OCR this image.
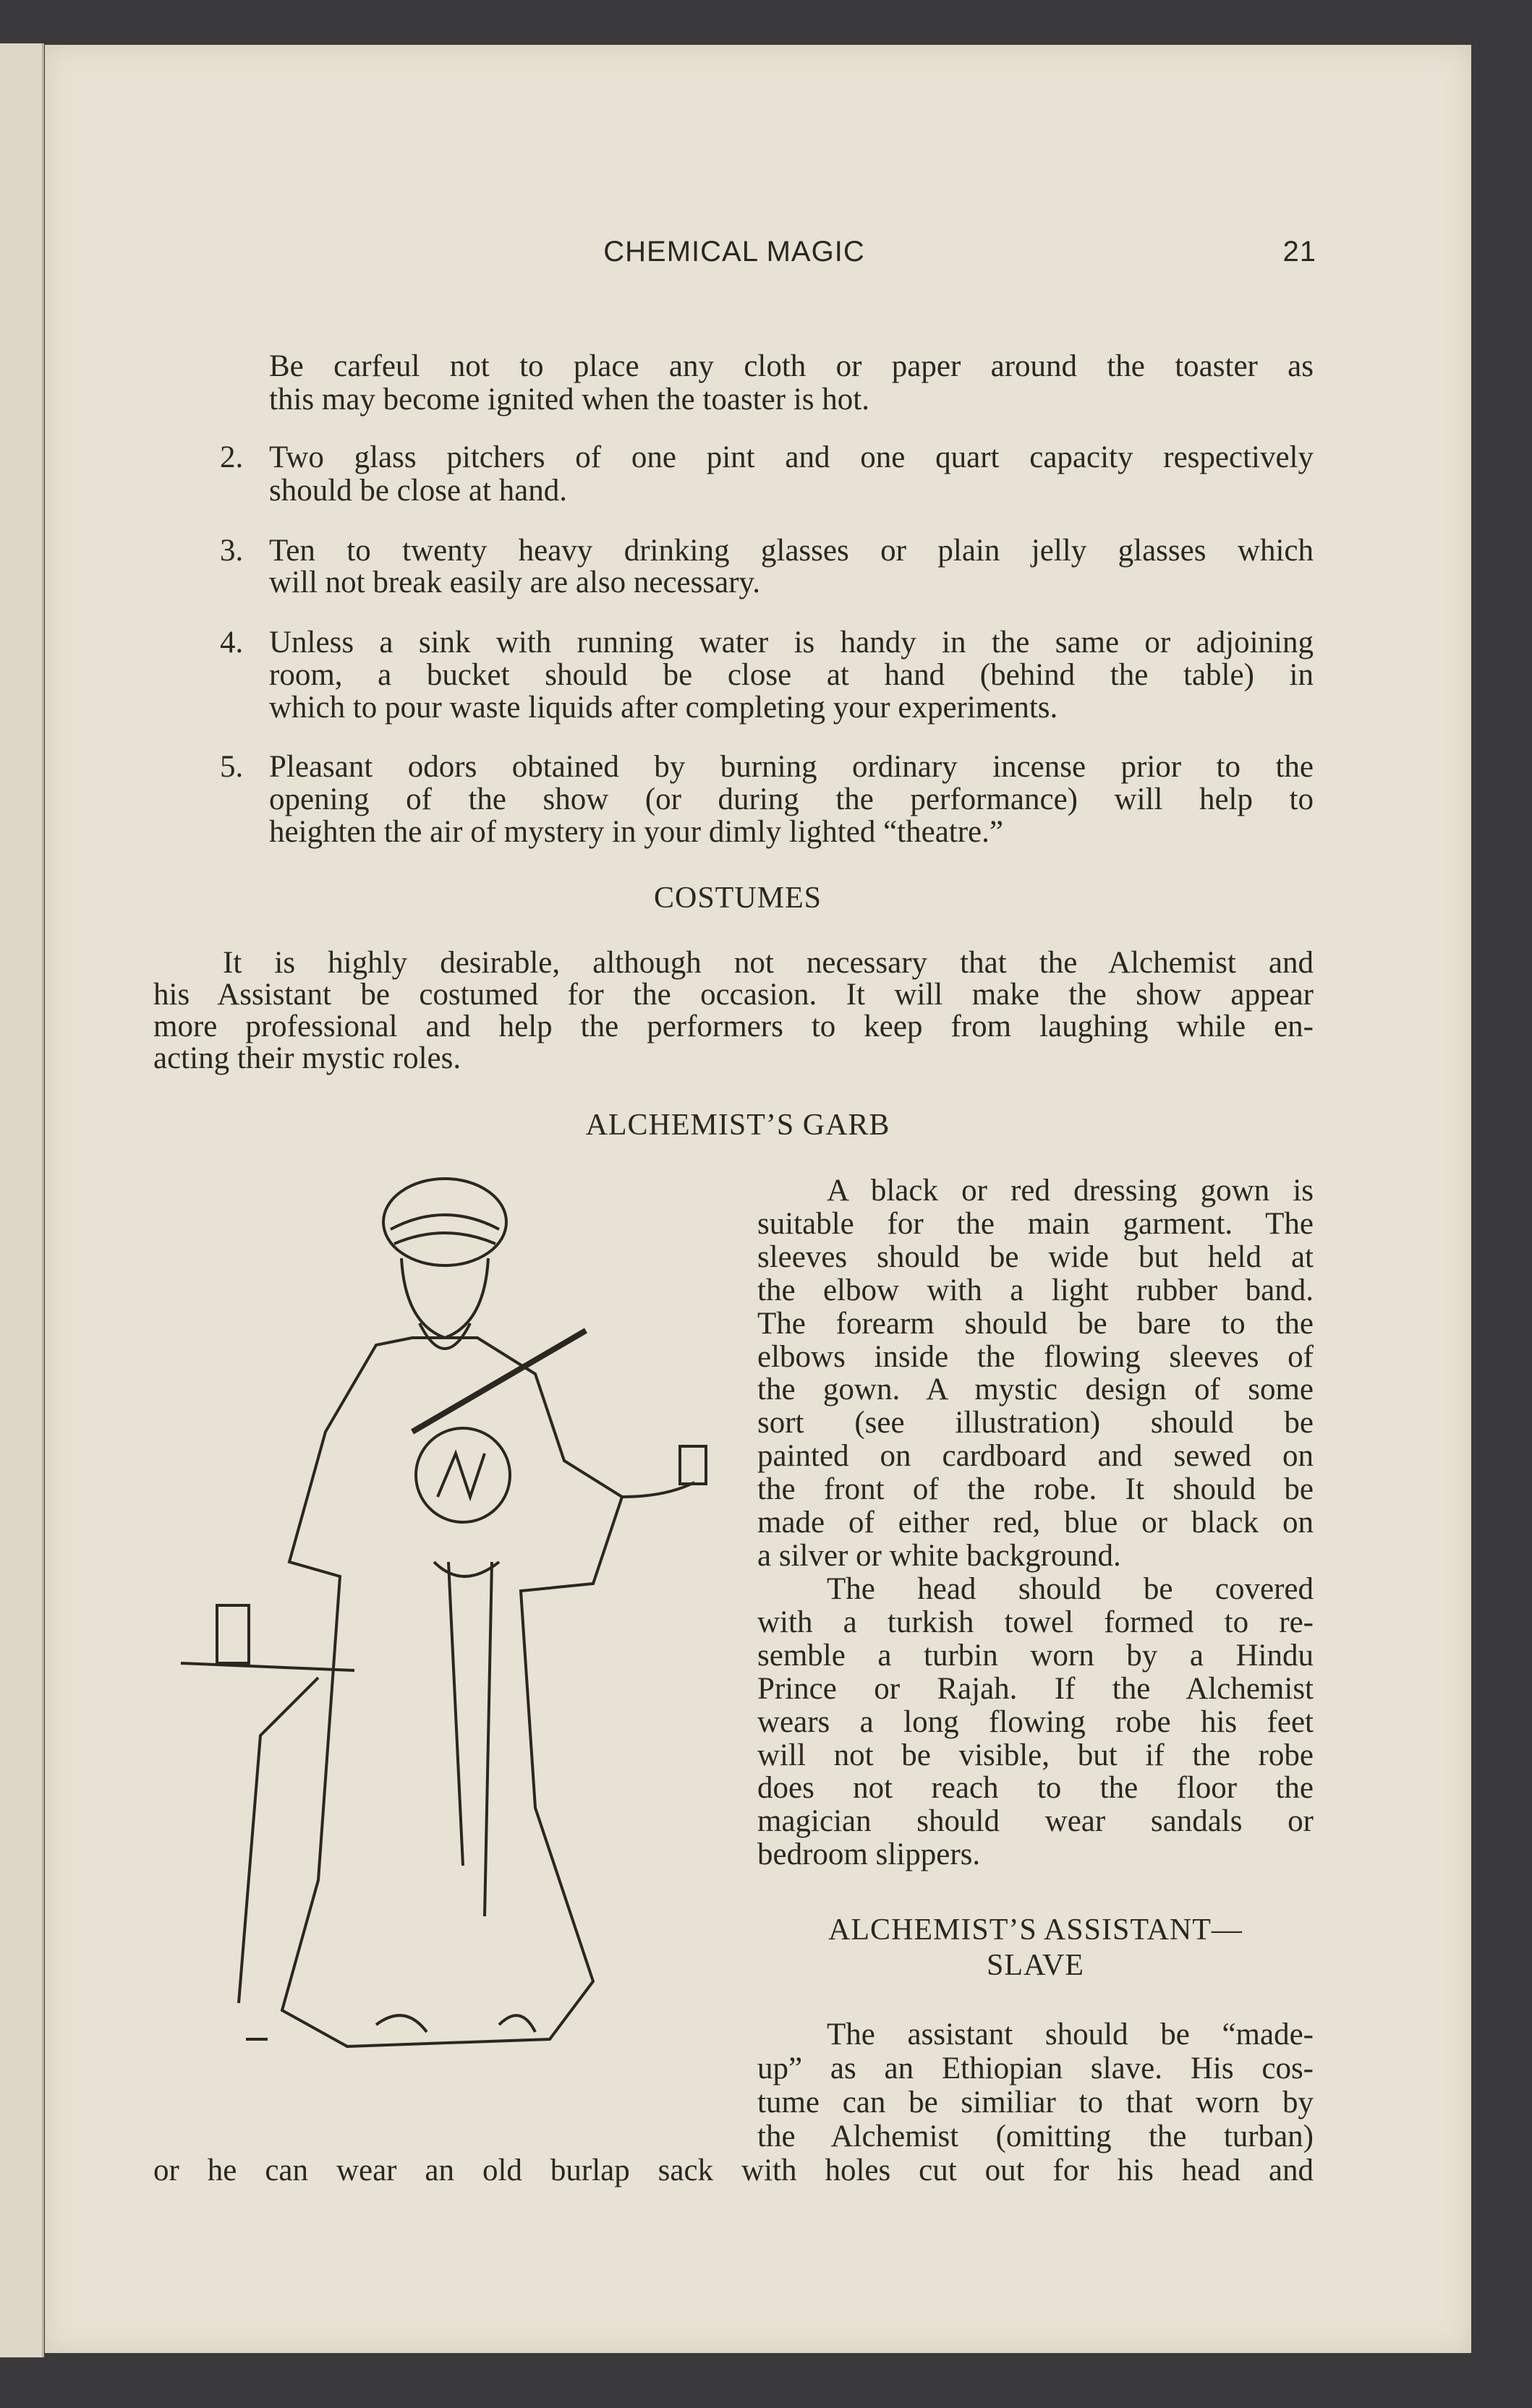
CHEMICAL MAGIC	21
Be carfeul not to place any cloth or paper around the toaster as
this may become ignited when the toaster is hot.
2. Two glass pitchers of one pint and one quart capacity respectively
should be close at hand.
3. Ten to twenty heavy drinking glasses or plain jelly glasses which
will not break easily are also necessary.
4. Unless a sink with running water is handy in the same or adjoining
room, a bucket should be close at hand (behind the table) in
which to pour waste liquids after completing your experiments.
5. Pleasant odors obtained by burning ordinary incense prior to the
opening of the show (or during the performance) will help to
heighten the air of mystery in your dimly lighted “theatre.”
COSTUMES
It is highly desirable, although not necessary that the Alchemist and
his Assistant be costumed for the occasion. It will make the show appear
more professional and help the performers to keep from laughing while en-
acting their mystic roles.
ALCHEMIST’S GARB
A black or red dressing gown is
suitable for the main garment. The
sleeves should be wide but held at
the elbow with a light rubber band.
The forearm should be bare to the
elbows inside the flowing sleeves of
the gown. A mystic design of some
sort (see illustration) should be
painted on cardboard and sewed on
the front of the robe. It should be
made of either red, blue or black on
a silver or white background.
The head should be covered
with a turkish towel formed to re-
semble a turbin worn by a Hindu
Prince or Rajah. If the Alchemist
wears a long flowing robe his feet
will not be visible, but if the robe
does not reach to the floor the
magician should wear sandals or
bedroom slippers.
ALCHEMIST’S ASSISTANT—
SLAVE
The assistant should be “made-
up” as an Ethiopian slave. His cos-
tume can be similiar to that worn by
the Alchemist (omitting the turban)
or he can wear an old burlap sack with holes cut out for his head and
